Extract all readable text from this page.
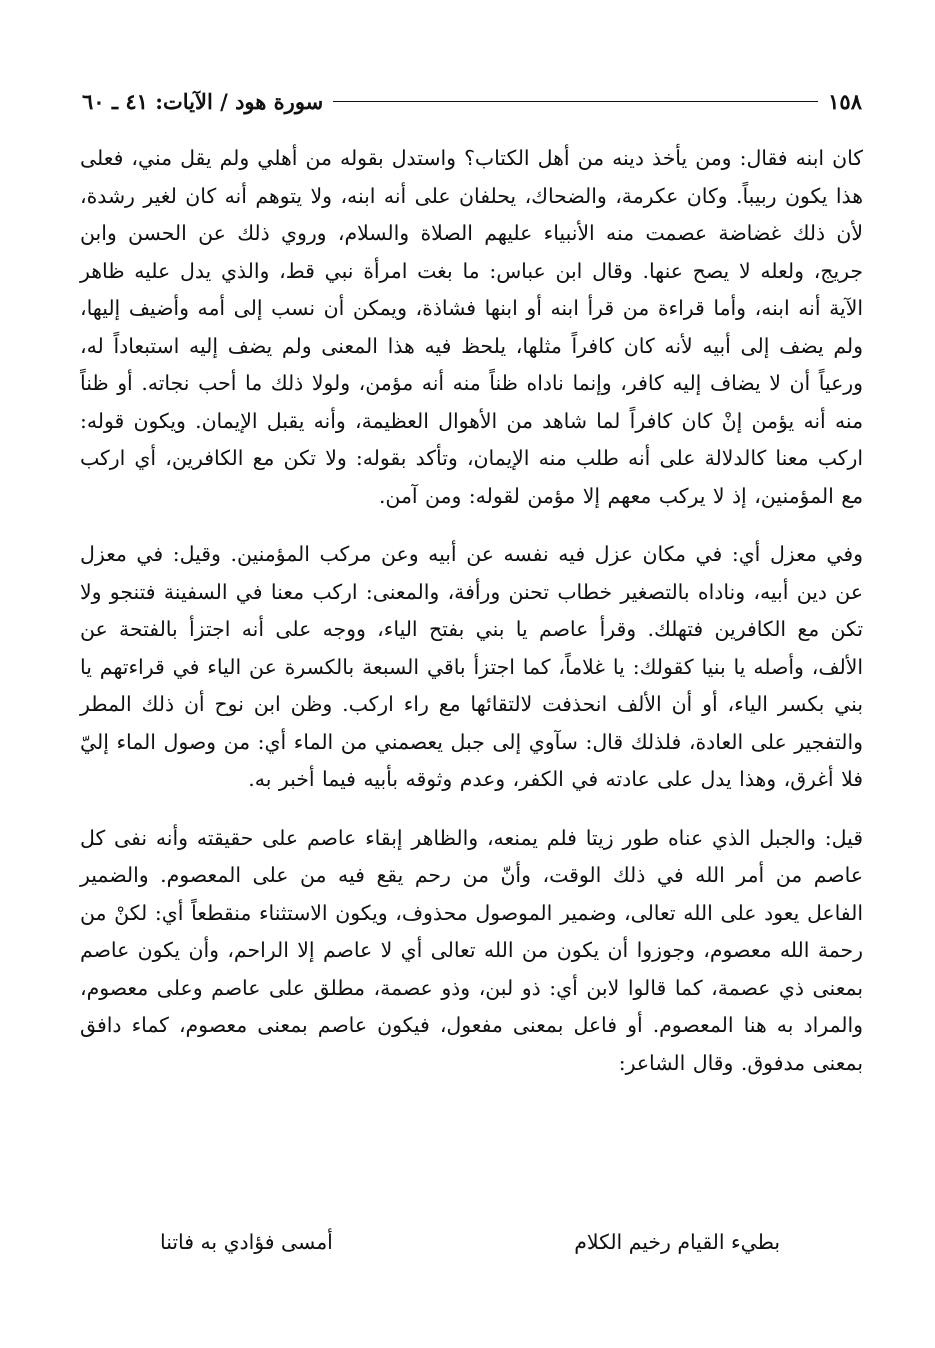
١٥٨
سورة هود / الآيات: ٤١ ـ ٦٠

كان ابنه فقال: ومن يأخذ دينه من أهل الكتاب؟ واستدل بقوله من أهلي ولم يقل مني، فعلى هذا يكون ربيباً. وكان عكرمة، والضحاك، يحلفان على أنه ابنه، ولا يتوهم أنه كان لغير رشدة، لأن ذلك غضاضة عصمت منه الأنبياء عليهم الصلاة والسلام، وروي ذلك عن الحسن وابن جريج، ولعله لا يصح عنها. وقال ابن عباس: ما بغت امرأة نبي قط، والذي يدل عليه ظاهر الآية أنه ابنه، وأما قراءة من قرأ ابنه أو ابنها فشاذة، ويمكن أن نسب إلى أمه وأضيف إليها، ولم يضف إلى أبيه لأنه كان كافراً مثلها، يلحظ فيه هذا المعنى ولم يضف إليه استبعاداً له، ورعياً أن لا يضاف إليه كافر، وإنما ناداه ظناً منه أنه مؤمن، ولولا ذلك ما أحب نجاته. أو ظناً منه أنه يؤمن إنْ كان كافراً لما شاهد من الأهوال العظيمة، وأنه يقبل الإيمان. ويكون قوله: اركب معنا كالدلالة على أنه طلب منه الإيمان، وتأكد بقوله: ولا تكن مع الكافرين، أي اركب مع المؤمنين، إذ لا يركب معهم إلا مؤمن لقوله: ومن آمن.

وفي معزل أي: في مكان عزل فيه نفسه عن أبيه وعن مركب المؤمنين. وقيل: في معزل عن دين أبيه، وناداه بالتصغير خطاب تحنن ورأفة، والمعنى: اركب معنا في السفينة فتنجو ولا تكن مع الكافرين فتهلك. وقرأ عاصم يا بني بفتح الياء، ووجه على أنه اجتزأ بالفتحة عن الألف، وأصله يا بنيا كقولك: يا غلاماً، كما اجتزأ باقي السبعة بالكسرة عن الياء في قراءتهم يا بني بكسر الياء، أو أن الألف انحذفت لالتقائها مع راء اركب. وظن ابن نوح أن ذلك المطر والتفجير على العادة، فلذلك قال: سآوي إلى جبل يعصمني من الماء أي: من وصول الماء إليّ فلا أغرق، وهذا يدل على عادته في الكفر، وعدم وثوقه بأبيه فيما أخبر به.

قيل: والجبل الذي عناه طور زيتا فلم يمنعه، والظاهر إبقاء عاصم على حقيقته وأنه نفى كل عاصم من أمر الله في ذلك الوقت، وأنّ من رحم يقع فيه من على المعصوم. والضمير الفاعل يعود على الله تعالى، وضمير الموصول محذوف، ويكون الاستثناء منقطعاً أي: لكنْ من رحمة الله معصوم، وجوزوا أن يكون من الله تعالى أي لا عاصم إلا الراحم، وأن يكون عاصم بمعنى ذي عصمة، كما قالوا لابن أي: ذو لبن، وذو عصمة، مطلق على عاصم وعلى معصوم، والمراد به هنا المعصوم. أو فاعل بمعنى مفعول، فيكون عاصم بمعنى معصوم، كماء دافق بمعنى مدفوق. وقال الشاعر:

بطيء القيام رخيم الكلام
أمسى فؤادي به فاتنا
